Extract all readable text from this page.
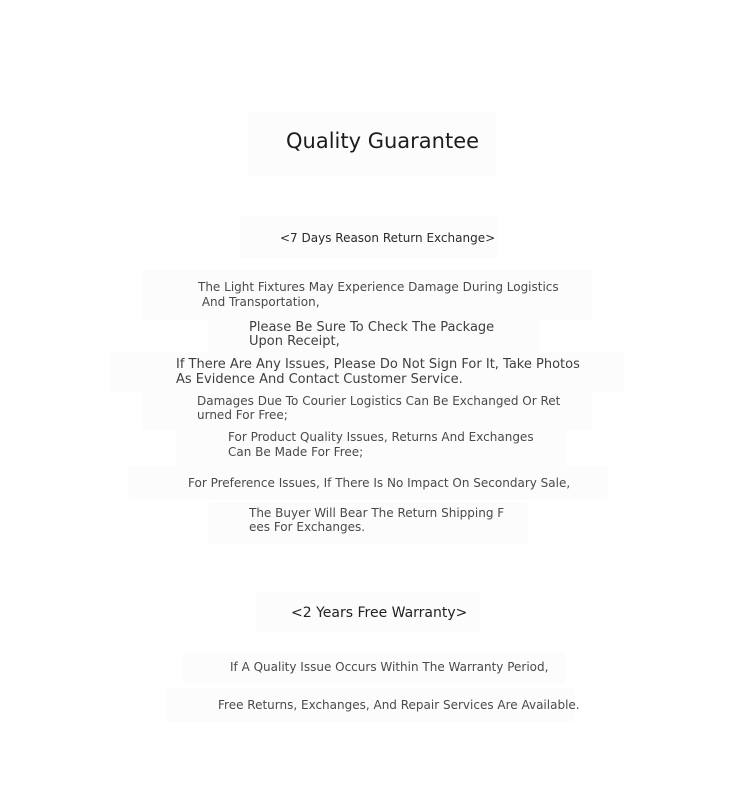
Quality Guarantee
<7 Days Reason Return Exchange>
The Light Fixtures May Experience Damage During Logistics
And Transportation,
Please Be Sure To Check The Package
Upon Receipt,
If There Are Any Issues, Please Do Not Sign For It, Take Photos
As Evidence And Contact Customer Service.
Damages Due To Courier Logistics Can Be Exchanged Or Ret
urned For Free;
For Product Quality Issues, Returns And Exchanges
Can Be Made For Free;
For Preference Issues, If There Is No Impact On Secondary Sale,
The Buyer Will Bear The Return Shipping F
ees For Exchanges.
<2 Years Free Warranty>
If A Quality Issue Occurs Within The Warranty Period,
Free Returns, Exchanges, And Repair Services Are Available.
